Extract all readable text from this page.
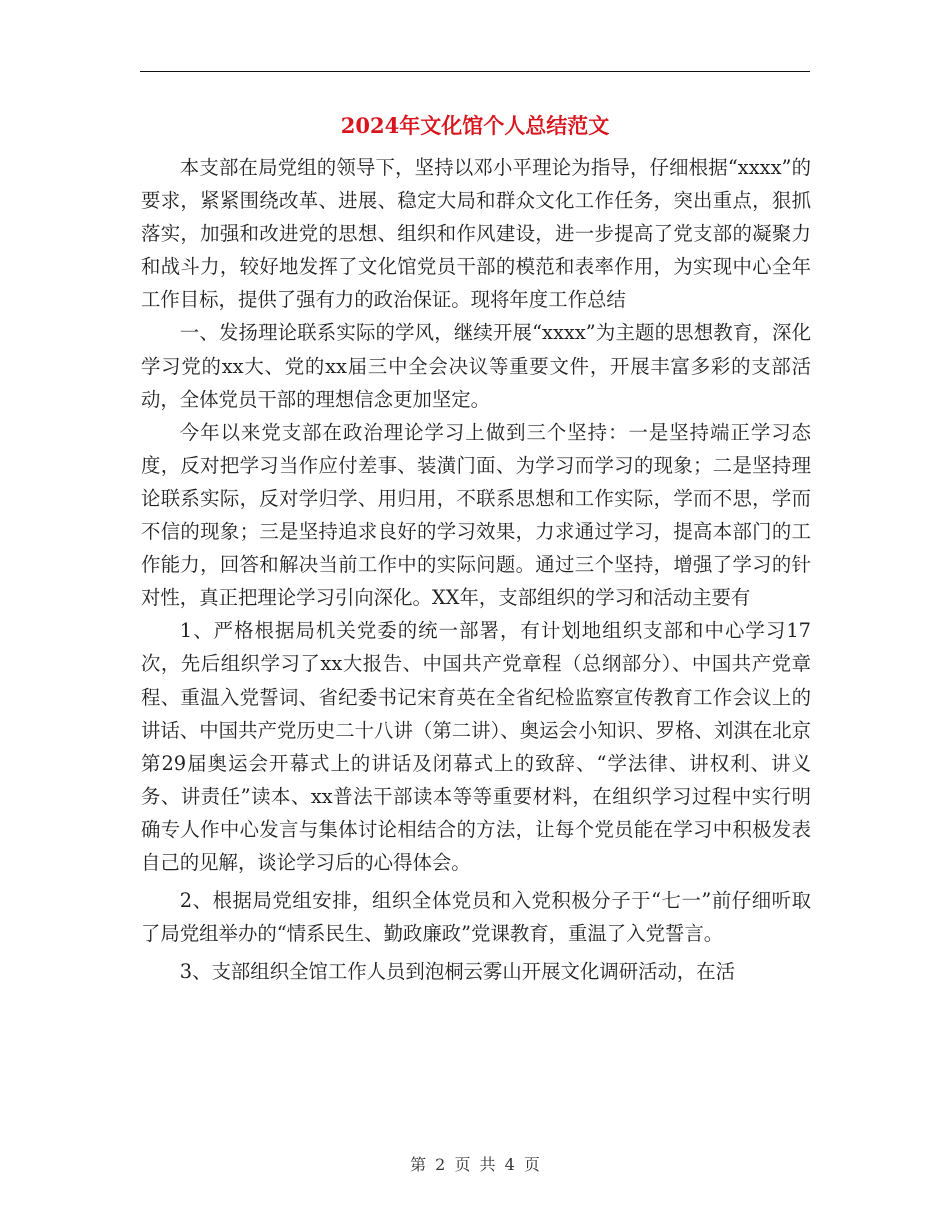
2024年文化馆个人总结范文

本支部在局党组的领导下，坚持以邓小平理论为指导，仔细根据“xxxx”的要求，紧紧围绕改革、进展、稳定大局和群众文化工作任务，突出重点，狠抓落实，加强和改进党的思想、组织和作风建设，进一步提高了党支部的凝聚力和战斗力，较好地发挥了文化馆党员干部的模范和表率作用，为实现中心全年工作目标，提供了强有力的政治保证。现将年度工作总结

一、发扬理论联系实际的学风，继续开展“xxxx”为主题的思想教育，深化学习党的xx大、党的xx届三中全会决议等重要文件，开展丰富多彩的支部活动，全体党员干部的理想信念更加坚定。

今年以来党支部在政治理论学习上做到三个坚持：一是坚持端正学习态度，反对把学习当作应付差事、装潢门面、为学习而学习的现象；二是坚持理论联系实际，反对学归学、用归用，不联系思想和工作实际，学而不思，学而不信的现象；三是坚持追求良好的学习效果，力求通过学习，提高本部门的工作能力，回答和解决当前工作中的实际问题。通过三个坚持，增强了学习的针对性，真正把理论学习引向深化。XX年，支部组织的学习和活动主要有

1、严格根据局机关党委的统一部署，有计划地组织支部和中心学习17次，先后组织学习了xx大报告、中国共产党章程（总纲部分）、中国共产党章程、重温入党誓词、省纪委书记宋育英在全省纪检监察宣传教育工作会议上的讲话、中国共产党历史二十八讲（第二讲）、奥运会小知识、罗格、刘淇在北京第29届奥运会开幕式上的讲话及闭幕式上的致辞、“学法律、讲权利、讲义务、讲责任”读本、xx普法干部读本等等重要材料，在组织学习过程中实行明确专人作中心发言与集体讨论相结合的方法，让每个党员能在学习中积极发表自己的见解，谈论学习后的心得体会。

2、根据局党组安排，组织全体党员和入党积极分子于“七一”前仔细听取了局党组举办的“情系民生、勤政廉政”党课教育，重温了入党誓言。

3、支部组织全馆工作人员到泡桐云雾山开展文化调研活动，在活

第 2 页 共 4 页
